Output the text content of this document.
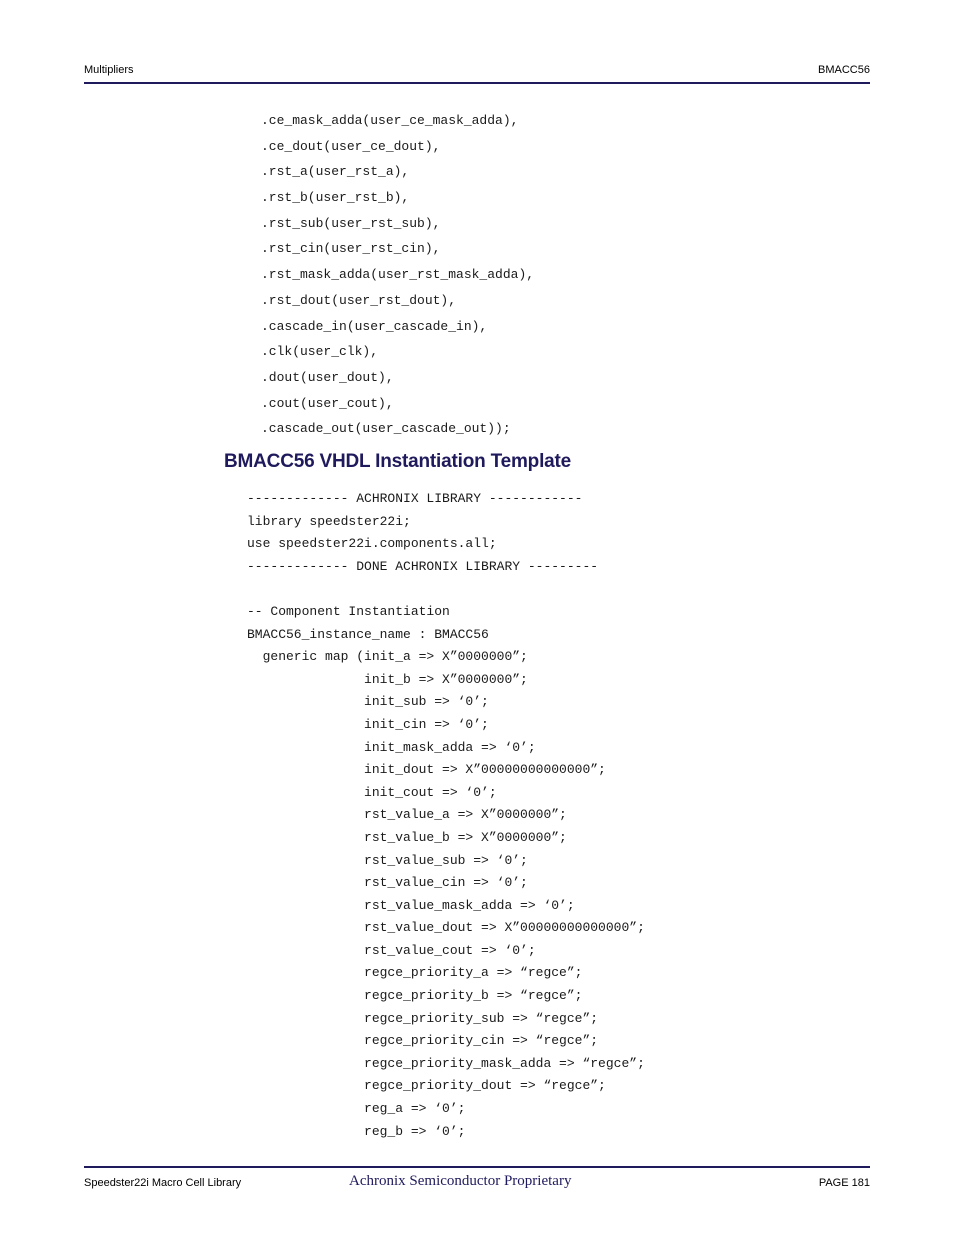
Multipliers	BMACC56
.ce_mask_adda(user_ce_mask_adda),
.ce_dout(user_ce_dout),
.rst_a(user_rst_a),
.rst_b(user_rst_b),
.rst_sub(user_rst_sub),
.rst_cin(user_rst_cin),
.rst_mask_adda(user_rst_mask_adda),
.rst_dout(user_rst_dout),
.cascade_in(user_cascade_in),
.clk(user_clk),
.dout(user_dout),
.cout(user_cout),
.cascade_out(user_cascade_out));
BMACC56 VHDL Instantiation Template
------------- ACHRONIX LIBRARY ------------
library speedster22i;
use speedster22i.components.all;
------------- DONE ACHRONIX LIBRARY ---------
-- Component Instantiation
BMACC56_instance_name : BMACC56
generic map (init_a => X”0000000”;
init_b => X”0000000”;
init_sub => ‘0’;
init_cin => ‘0’;
init_mask_adda => ‘0’;
init_dout => X”00000000000000”;
init_cout => ‘0’;
rst_value_a => X”0000000”;
rst_value_b => X”0000000”;
rst_value_sub => ‘0’;
rst_value_cin => ‘0’;
rst_value_mask_adda => ‘0’;
rst_value_dout => X”00000000000000”;
rst_value_cout => ‘0’;
regce_priority_a => “regce”;
regce_priority_b => “regce”;
regce_priority_sub => “regce”;
regce_priority_cin => “regce”;
regce_priority_mask_adda => “regce”;
regce_priority_dout => “regce”;
reg_a => ‘0’;
reg_b => ‘0’;
Speedster22i Macro Cell Library	Achronix Semiconductor Proprietary	PAGE 181
